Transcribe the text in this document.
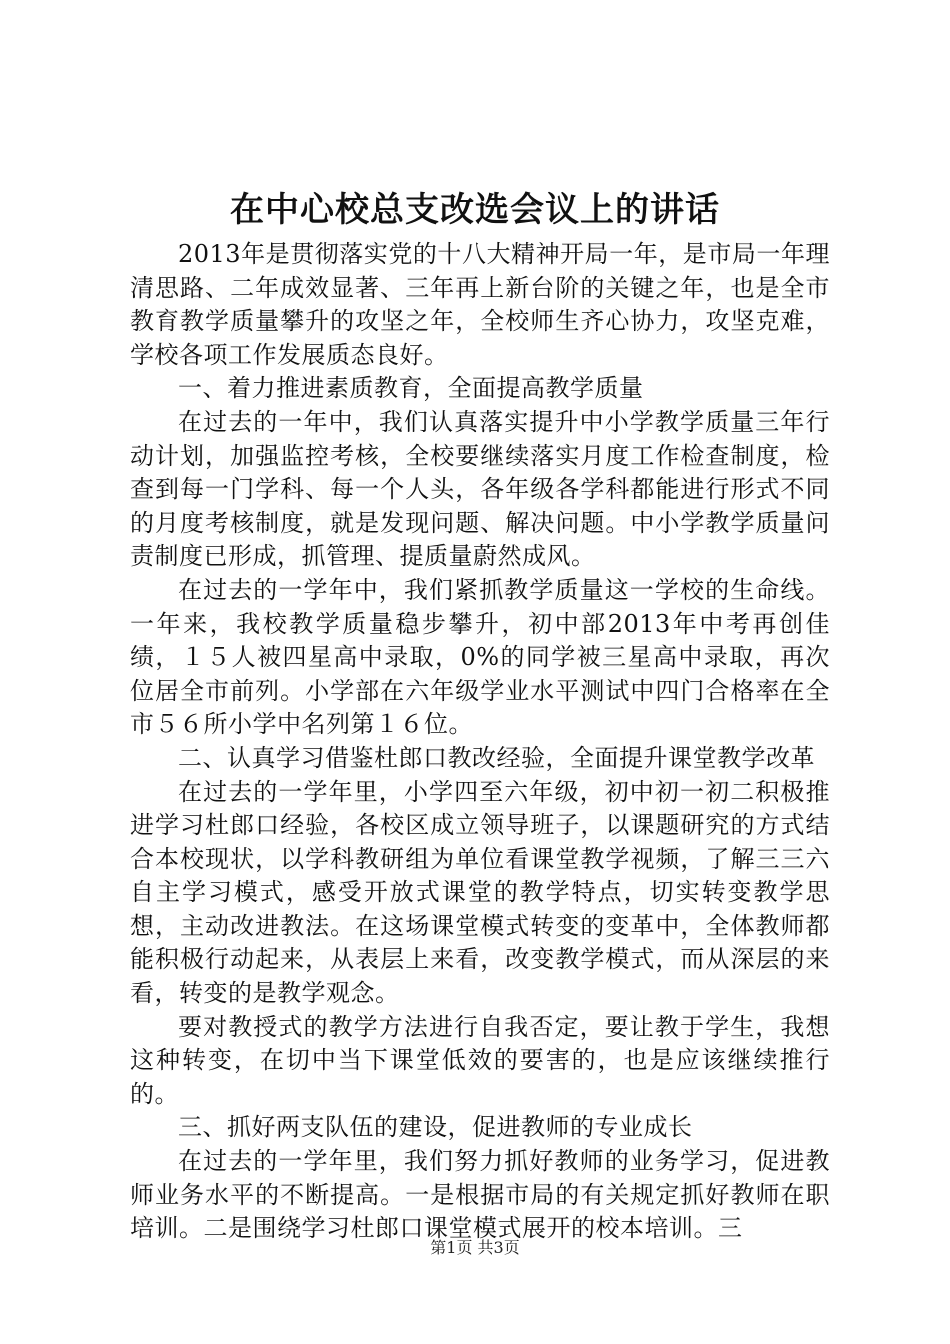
在中心校总支改选会议上的讲话

2013年是贯彻落实党的十八大精神开局一年，是市局一年理清思路、二年成效显著、三年再上新台阶的关键之年，也是全市教育教学质量攀升的攻坚之年，全校师生齐心协力，攻坚克难，学校各项工作发展质态良好。

一、着力推进素质教育，全面提高教学质量

在过去的一年中，我们认真落实提升中小学教学质量三年行动计划，加强监控考核，全校要继续落实月度工作检查制度，检查到每一门学科、每一个人头，各年级各学科都能进行形式不同的月度考核制度，就是发现问题、解决问题。中小学教学质量问责制度已形成，抓管理、提质量蔚然成风。

在过去的一学年中，我们紧抓教学质量这一学校的生命线。一年来，我校教学质量稳步攀升，初中部2013年中考再创佳绩，１５人被四星高中录取，0%的同学被三星高中录取，再次位居全市前列。小学部在六年级学业水平测试中四门合格率在全市５６所小学中名列第１６位。

二、认真学习借鉴杜郎口教改经验，全面提升课堂教学改革

在过去的一学年里，小学四至六年级，初中初一初二积极推进学习杜郎口经验，各校区成立领导班子，以课题研究的方式结合本校现状，以学科教研组为单位看课堂教学视频，了解三三六自主学习模式，感受开放式课堂的教学特点，切实转变教学思想，主动改进教法。在这场课堂模式转变的变革中，全体教师都能积极行动起来，从表层上来看，改变教学模式，而从深层的来看，转变的是教学观念。

要对教授式的教学方法进行自我否定，要让教于学生，我想这种转变，在切中当下课堂低效的要害的，也是应该继续推行的。

三、抓好两支队伍的建设，促进教师的专业成长

在过去的一学年里，我们努力抓好教师的业务学习，促进教师业务水平的不断提高。一是根据市局的有关规定抓好教师在职培训。二是围绕学习杜郎口课堂模式展开的校本培训。三

第1页 共3页
